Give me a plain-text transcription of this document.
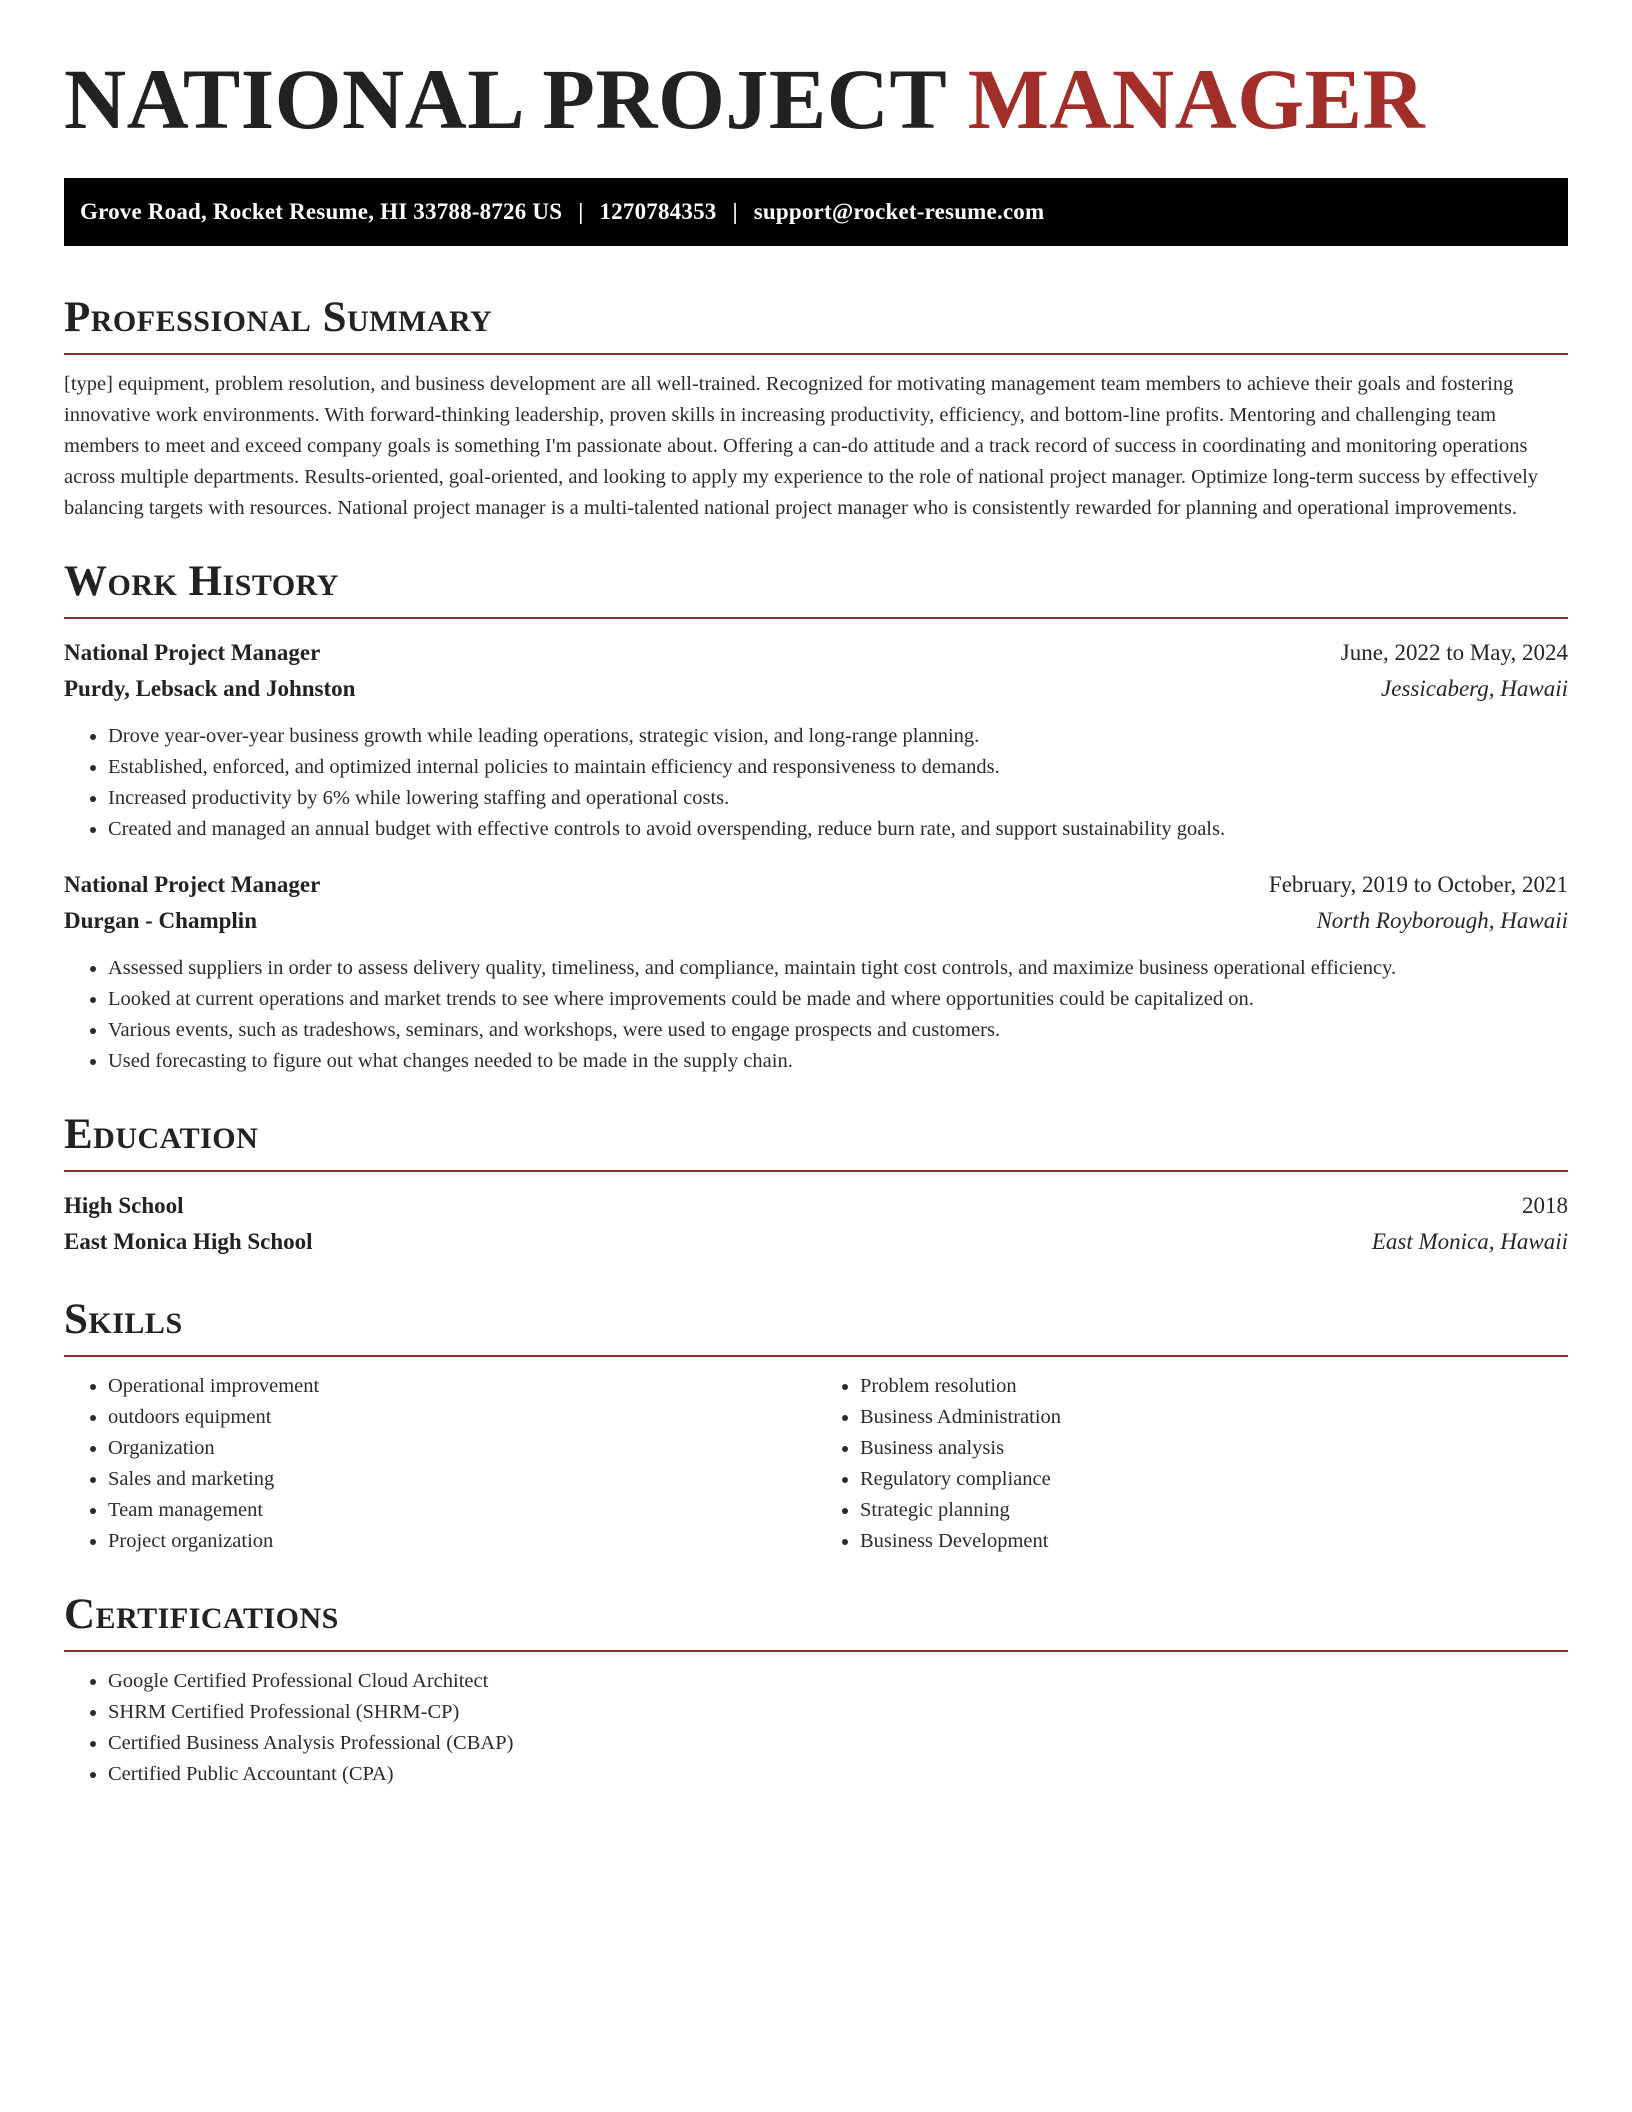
NATIONAL PROJECT MANAGER
Grove Road, Rocket Resume, HI 33788-8726 US | 1270784353 | support@rocket-resume.com
Professional Summary

[type] equipment, problem resolution, and business development are all well-trained. Recognized for motivating management team members to achieve their goals and fostering innovative work environments. With forward-thinking leadership, proven skills in increasing productivity, efficiency, and bottom-line profits. Mentoring and challenging team members to meet and exceed company goals is something I'm passionate about. Offering a can-do attitude and a track record of success in coordinating and monitoring operations across multiple departments. Results-oriented, goal-oriented, and looking to apply my experience to the role of national project manager. Optimize long-term success by effectively balancing targets with resources. National project manager is a multi-talented national project manager who is consistently rewarded for planning and operational improvements.

Work History
National Project Manager	June, 2022 to May, 2024
Purdy, Lebsack and Johnston	Jessicaberg, Hawaii
• Drove year-over-year business growth while leading operations, strategic vision, and long-range planning.
• Established, enforced, and optimized internal policies to maintain efficiency and responsiveness to demands.
• Increased productivity by 6% while lowering staffing and operational costs.
• Created and managed an annual budget with effective controls to avoid overspending, reduce burn rate, and support sustainability goals.
National Project Manager	February, 2019 to October, 2021
Durgan - Champlin	North Royborough, Hawaii
• Assessed suppliers in order to assess delivery quality, timeliness, and compliance, maintain tight cost controls, and maximize business operational efficiency.
• Looked at current operations and market trends to see where improvements could be made and where opportunities could be capitalized on.
• Various events, such as tradeshows, seminars, and workshops, were used to engage prospects and customers.
• Used forecasting to figure out what changes needed to be made in the supply chain.
Education
High School	2018
East Monica High School	East Monica, Hawaii
Skills
• Operational improvement
• outdoors equipment
• Organization
• Sales and marketing
• Team management
• Project organization
• Problem resolution
• Business Administration
• Business analysis
• Regulatory compliance
• Strategic planning
• Business Development
Certifications
• Google Certified Professional Cloud Architect
• SHRM Certified Professional (SHRM-CP)
• Certified Business Analysis Professional (CBAP)
• Certified Public Accountant (CPA)
